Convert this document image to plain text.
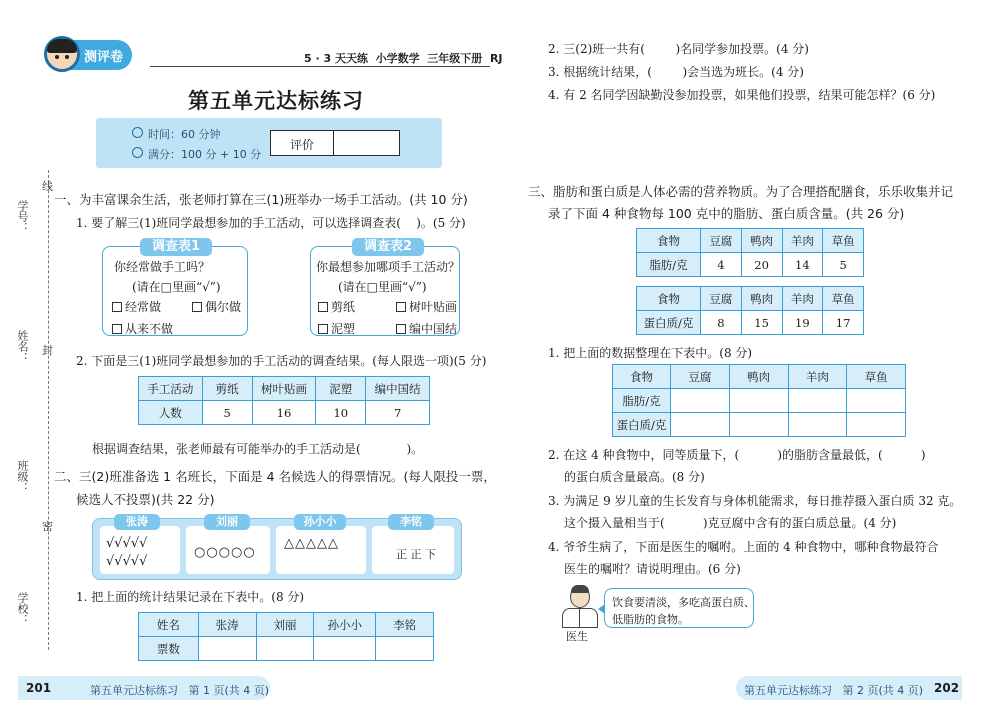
测评卷	5 · 3 天天练  小学数学  三年级下册  RJ
第五单元达标练习
时间：60 分钟
满分：100 分 + 10 分
评价
学号：
线
姓名： 封
班级：
密
学校：
一、为丰富课余生活，张老师打算在三(1)班举办一场手工活动。(共 10 分)
1. 要了解三(1)班同学最想参加的手工活动，可以选择调查表(    )。(5 分)
调查表1
你经常做手工吗？
(请在□里画“√”)
经常做	偶尔做
从来不做
调查表2
你最想参加哪项手工活动？
(请在□里画“√”)
剪纸	树叶贴画
泥塑	编中国结
2. 下面是三(1)班同学最想参加的手工活动的调查结果。(每人限选一项)(5 分)
手工活动	剪纸	树叶贴画	泥塑	编中国结
人数	5	16	10	7
根据调查结果，张老师最有可能举办的手工活动是(            )。
二、三(2)班准备选 1 名班长，下面是 4 名候选人的得票情况。(每人限投一票，
候选人不投票)(共 22 分)
张涛	刘丽	孙小小	李铭
√√√√√
√√√√√
○○○○○
△△△△△
正 正 下
1. 把上面的统计结果记录在下表中。(8 分)
姓名	张涛	刘丽	孙小小	李铭
票数				
201	第五单元达标练习   第 1 页(共 4 页)
2. 三(2)班一共有(        )名同学参加投票。(4 分)
3. 根据统计结果，(        )会当选为班长。(4 分)
4. 有 2 名同学因缺勤没参加投票，如果他们投票，结果可能怎样？(6 分)
三、脂肪和蛋白质是人体必需的营养物质。为了合理搭配膳食，乐乐收集并记
录了下面 4 种食物每 100 克中的脂肪、蛋白质含量。(共 26 分)
食物	豆腐	鸭肉	羊肉	草鱼
脂肪/克	4	20	14	5
食物	豆腐	鸭肉	羊肉	草鱼
蛋白质/克	8	15	19	17
1. 把上面的数据整理在下表中。(8 分)
食物	豆腐	鸭肉	羊肉	草鱼
脂肪/克				
蛋白质/克				
2. 在这 4 种食物中，同等质量下，(          )的脂肪含量最低，(          )
的蛋白质含量最高。(8 分)
3. 为满足 9 岁儿童的生长发育与身体机能需求，每日推荐摄入蛋白质 32 克。
这个摄入量相当于(          )克豆腐中含有的蛋白质总量。(4 分)
4. 爷爷生病了，下面是医生的嘱咐。上面的 4 种食物中，哪种食物最符合
医生的嘱咐？请说明理由。(6 分)
医生
饮食要清淡，多吃高蛋白质、
低脂肪的食物。
第五单元达标练习   第 2 页(共 4 页) 202
